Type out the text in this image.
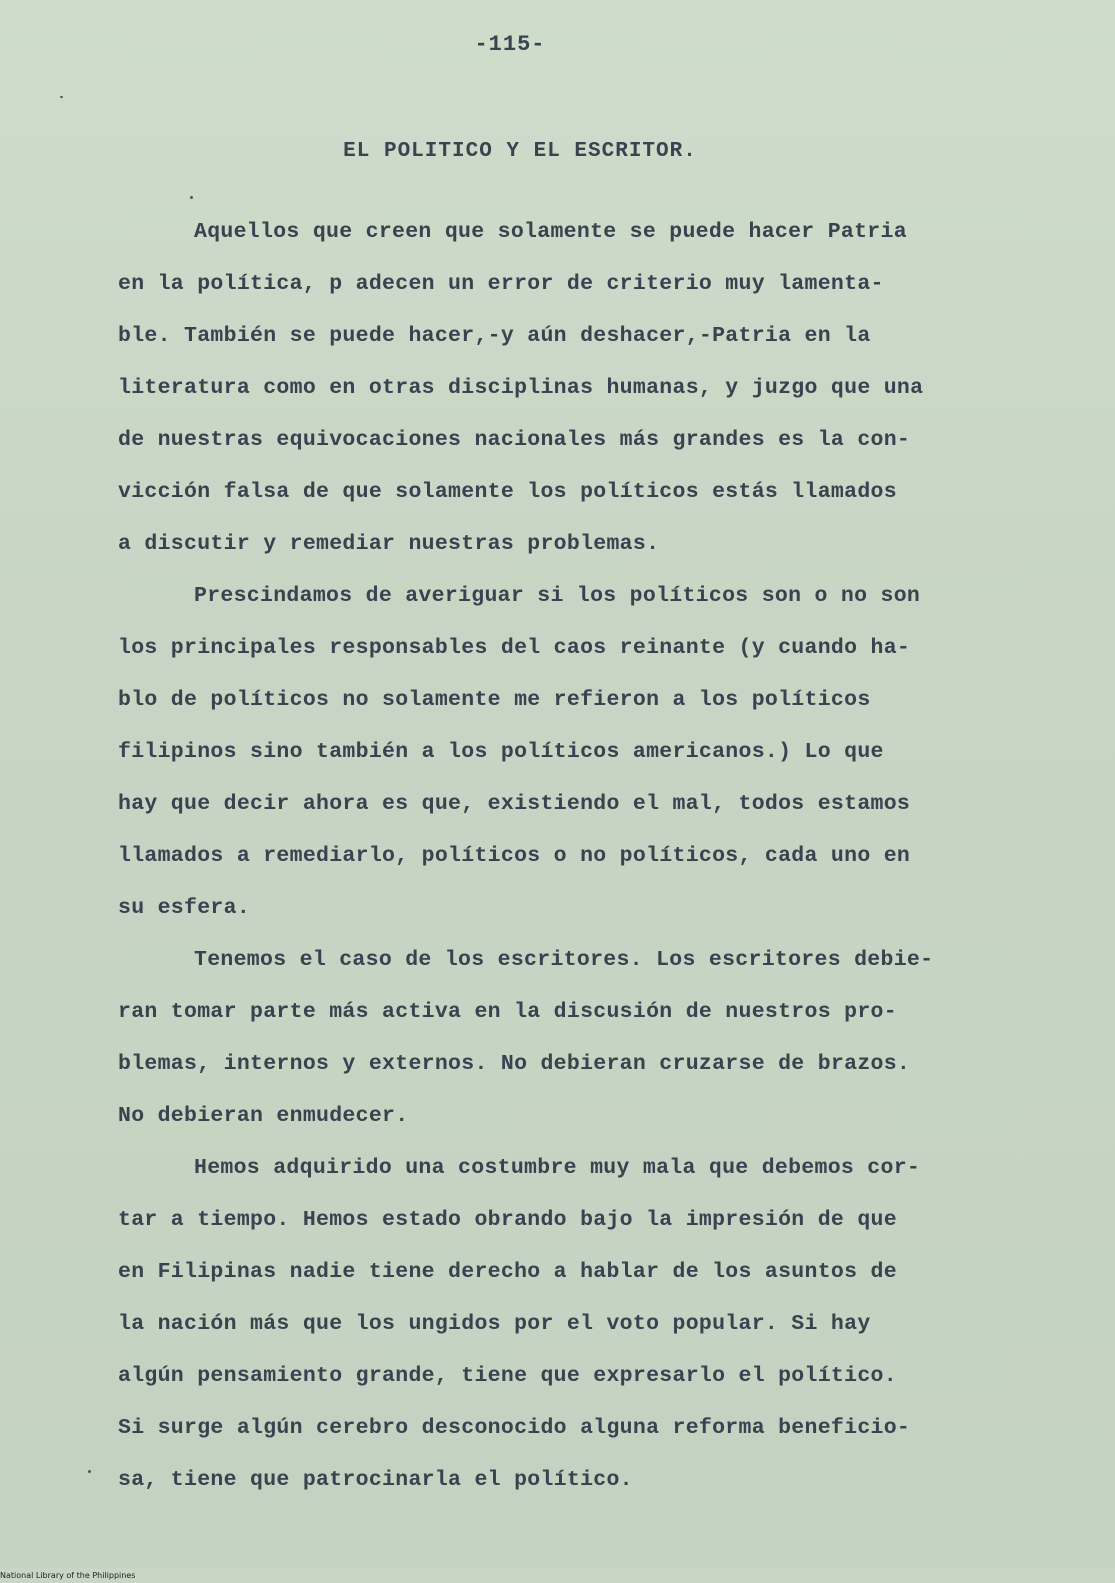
-115-
EL POLITICO Y EL ESCRITOR.
Aquellos que creen que solamente se puede hacer Patria
en la política, p adecen un error de criterio muy lamenta-
ble. También se puede hacer,-y aún deshacer,-Patria en la
literatura como en otras disciplinas humanas, y juzgo que una
de nuestras equivocaciones nacionales más grandes es la con-
vicción falsa de que solamente los políticos estás llamados
a discutir y remediar nuestras problemas.
Prescindamos de averiguar si los políticos son o no son
los principales responsables del caos reinante (y cuando ha-
blo de políticos no solamente me refieron a los políticos
filipinos sino también a los políticos americanos.) Lo que
hay que decir ahora es que, existiendo el mal, todos estamos
llamados a remediarlo, políticos o no políticos, cada uno en
su esfera.
Tenemos el caso de los escritores. Los escritores debie-
ran tomar parte más activa en la discusión de nuestros pro-
blemas, internos y externos. No debieran cruzarse de brazos.
No debieran enmudecer.
Hemos adquirido una costumbre muy mala que debemos cor-
tar a tiempo. Hemos estado obrando bajo la impresión de que
en Filipinas nadie tiene derecho a hablar de los asuntos de
la nación más que los ungidos por el voto popular. Si hay
algún pensamiento grande, tiene que expresarlo el político.
Si surge algún cerebro desconocido alguna reforma beneficio-
sa, tiene que patrocinarla el político.
National Library of the Philippines
